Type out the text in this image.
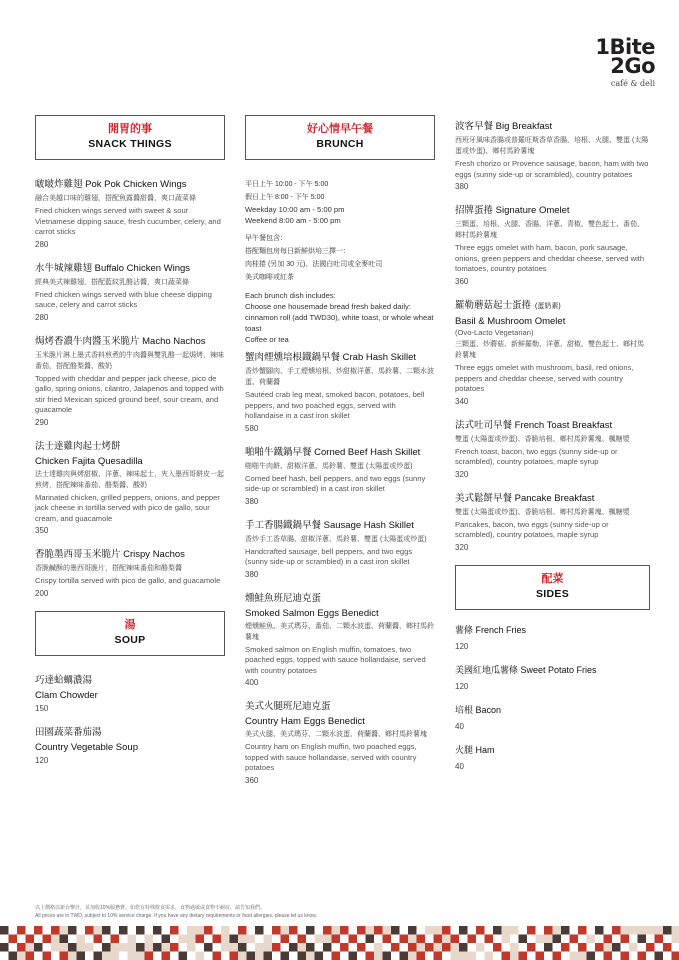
1Bite
2Go
café & deli
開胃的事
SNACK THINGS
啵啵炸雞翅 Pok Pok Chicken Wings
融合美越口味的雞翅，搭配魚露醬甜醬，爽口蔬菜條
Fried chicken wings served with sweet & sour Vietnamese dipping sauce, fresh cucumber, celery, and carrot sticks
280
水牛城辣雞翅 Buffalo Chicken Wings
經典美式辣雞翅，搭配藍紋乳酪沾醬，爽口蔬菜條
Fried chicken wings served with blue cheese dipping sauce, celery and carrot sticks
280
焗烤香濃牛肉醬玉米脆片 Macho Nachos
玉米脆片淋上墨式香料煎煮的牛肉醬與雙乳酪一起焗烤，辣味番茄，搭配酪梨醬、酸奶
Topped with cheddar and pepper jack cheese, pico de gallo, spring onions, cilantro, Jalapenos and topped with stir fried Mexican spiced ground beef, sour cream, and guacamole
290
法士達雞肉起士烤餅
Chicken Fajita Quesadilla
法士達雞肉與烤甜椒、洋蔥、辣味起士，夾入墨西哥餅皮一起煎烤，搭配辣味番茄、酪梨醬、酸奶
Marinated chicken, grilled peppers, onions, and pepper jack cheese in tortilla served with pico de gallo, sour cream, and guacamole
350
香脆墨西哥玉米脆片 Crispy Nachos
香脆鹹酥的墨西哥脆片，搭配辣味番茄和酪梨醬
Crispy tortilla served with pico de gallo, and guacamole
200
湯
SOUP
巧達蛤蠣濃湯
Clam Chowder
150
田園蔬菜番茄湯
Country Vegetable Soup
120
好心情早午餐
BRUNCH
平日上午 10:00 - 下午 5:00
假日上午 8:00 - 下午 5:00
Weekday 10:00 am - 5:00 pm
Weekend 8:00 am - 5:00 pm
早午餐包含：
搭配麵包房每日新鮮烘培三擇一：
肉桂捲 (另加 30 元)、法國白吐司或全麥吐司
美式咖啡或紅茶
Each brunch dish includes:
Choose one housemade bread fresh baked daily: cinnamon roll (add TWD30), white toast, or whole wheat toast
Coffee or tea
蟹肉煙燻培根鐵鍋早餐 Crab Hash Skillet
香炒蟹腳肉、手工煙燻培根、炒甜椒洋蔥、馬鈴薯、二顆水波蛋、荷蘭醬
Sautéed crab leg meat, smoked bacon, potatoes, bell peppers, and two poached eggs, served with hollandaise in a cast iron skillet
580
啪啪牛鐵鍋早餐 Corned Beef Hash Skillet
啪啪牛肉餅、甜椒洋蔥、馬鈴薯、雙蛋 (太陽蛋或炒蛋)
Corned beef hash, bell peppers, and two eggs (sunny side-up or scrambled) in a cast iron skillet
380
手工香腸鐵鍋早餐 Sausage Hash Skillet
香炒手工香草腸、甜椒洋蔥、馬鈴薯、雙蛋 (太陽蛋或炒蛋)
Handcrafted sausage, bell peppers, and two eggs (sunny side-up or scrambled) in a cast iron skillet
380
燻鮭魚班尼迪克蛋
Smoked Salmon Eggs Benedict
煙燻鮭魚、美式瑪芬、番茄、二顆水波蛋、荷蘭醬、鄉村馬鈴薯塊
Smoked salmon on English muffin, tomatoes, two poached eggs, topped with sauce hollandaise, served with country potatoes
400
美式火腿班尼迪克蛋
Country Ham Eggs Benedict
美式火腿、美式瑪芬、二顆水波蛋、荷蘭醬、鄉村馬鈴薯塊
Country ham on English muffin, two poached eggs, topped with sauce hollandaise, served with country potatoes
360
波客早餐 Big Breakfast
西班牙風味香腸或普羅旺斯香草香腸、培根、火腿、雙蛋 (太陽蛋或炒蛋)、鄉村馬鈴薯塊
Fresh chorizo or Provence sausage, bacon, ham with two eggs (sunny side-up or scrambled), country potatoes
380
招牌蛋捲 Signature Omelet
三顆蛋、培根、火腿、香腸、洋蔥、青椒、雙色起士、番茄、鄉村馬鈴薯塊
Three eggs omelet with ham, bacon, pork sausage, onions, green peppers and cheddar cheese, served with tomatoes, country potatoes
360
羅勒蘑菇起士蛋捲 (蛋奶素)
Basil & Mushroom Omelet
(Ovo-Lacto Vegetarian)
三顆蛋、炒蘑菇、新鮮羅勒、洋蔥、甜椒、雙色起士、鄉村馬鈴薯塊
Three eggs omelet with mushroom, basil, red onions, peppers and cheddar cheese, served with country potatoes
340
法式吐司早餐 French Toast Breakfast
雙蛋 (太陽蛋或炒蛋)、香脆培根、鄉村馬鈴薯塊、楓糖漿
French toast, bacon, two eggs (sunny side-up or scrambled), country potatoes, maple syrup
320
美式鬆餅早餐 Pancake Breakfast
雙蛋 (太陽蛋或炒蛋)、香脆培根、鄉村馬鈴薯塊、楓糖漿
Pancakes, bacon, two eggs (sunny side-up or scrambled), country potatoes, maple syrup
320
配菜
SIDES
薯條 French Fries
120
美國紅地瓜薯條 Sweet Potato Fries
120
培根 Bacon
40
火腿 Ham
40
以上價格以新台幣計，並加收10%服務費。如您有特殊飲食需求，食物過敏或食物不耐症，請告知我們。
All prices are in TWD, subject to 10% service charge. If you have any dietary requirements or food allergies, please let us know.
